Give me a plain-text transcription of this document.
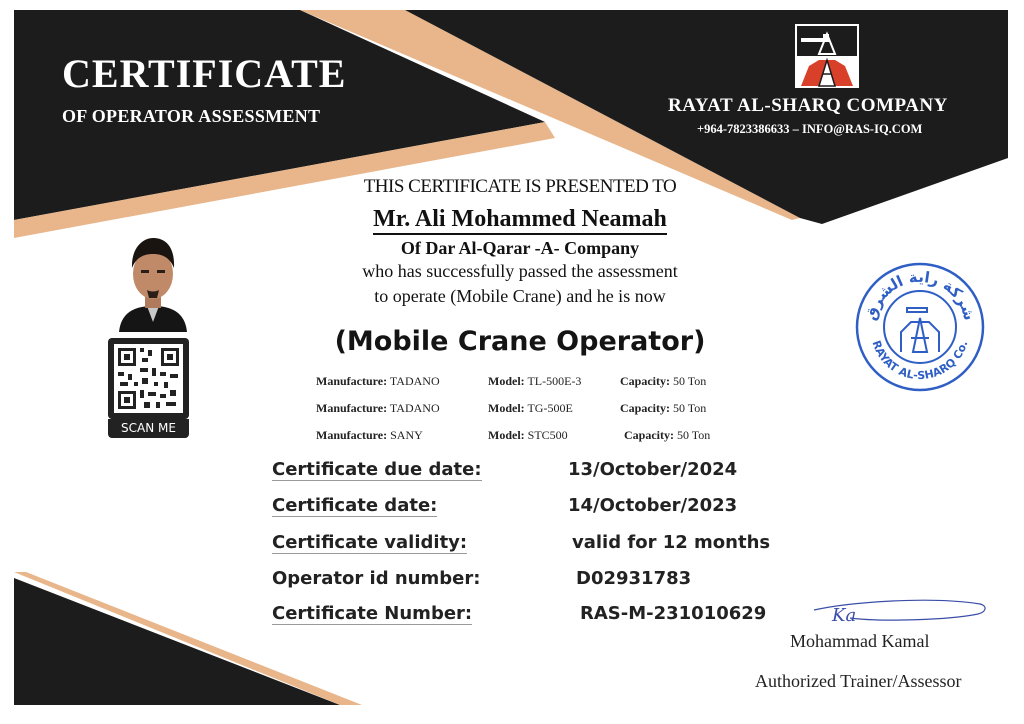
CERTIFICATE
OF OPERATOR ASSESSMENT	RAYAT AL-SHARQ COMPANY
+964-7823386633 – INFO@RAS-IQ.COM
THIS CERTIFICATE IS PRESENTED TO
Mr. Ali Mohammed Neamah
Of Dar Al-Qarar -A- Company
who has successfully passed the assessment
to operate (Mobile Crane) and he is now
(Mobile Crane Operator)
SCAN ME
Manufacture: TADANO	Model: TL-500E-3	Capacity: 50 Ton
Manufacture: TADANO	Model: TG-500E	Capacity: 50 Ton
Manufacture: SANY	Model: STC500	Capacity: 50 Ton
Certificate due date:	13/October/2024
Certificate date:	14/October/2023
Certificate validity:	valid for 12 months
Operator id number:	D02931783
Certificate Number:	RAS-M-231010629
شركة راية الشرق
RAYAT AL-SHARQ Co.
Ka
Mohammad Kamal
Authorized Trainer/Assessor
